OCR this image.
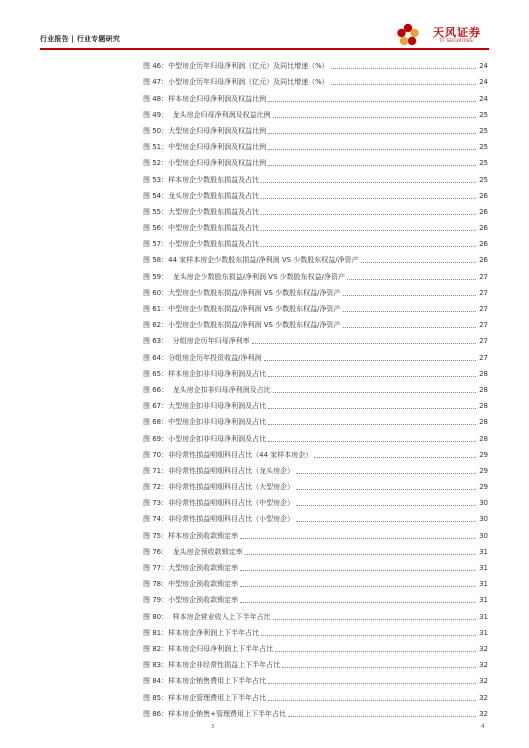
行业报告 | 行业专题研究	天风证券
TF SECURITIES
图 46：中型房企历年归母净利润（亿元）及同比增速（%）	24
图 47：小型房企历年归母净利润（亿元）及同比增速（%）	24
图 48：样本房企归母净利润及权益比例	24
图 49：  龙头房企归母净利润及权益比例	25
图 50：大型房企归母净利润及权益比例	25
图 51：中型房企归母净利润及权益比例	25
图 52：小型房企归母净利润及权益比例	25
图 53：样本房企少数股东损益及占比	25
图 54：龙头房企少数股东损益及占比	26
图 55：大型房企少数股东损益及占比	26
图 56：中型房企少数股东损益及占比	26
图 57：小型房企少数股东损益及占比	26
图 58：44 家样本房企少数股东损益/净利润 VS 少数股东权益/净资产	26
图 59：  龙头房企少数股东损益/净利润 VS 少数股东权益/净资产	27
图 60：大型房企少数股东损益/净利润 VS 少数股东权益/净资产	27
图 61：中型房企少数股东损益/净利润 VS 少数股东权益/净资产	27
图 62：小型房企少数股东损益/净利润 VS 少数股东权益/净资产	27
图 63：  分组房企历年归母净利率	27
图 64：分组房企历年投资收益/净利润	27
图 65：样本房企扣非归母净利润及占比	28
图 66：  龙头房企扣非归母净利润及占比	28
图 67：大型房企扣非归母净利润及占比	28
图 68：中型房企扣非归母净利润及占比	28
图 69：小型房企扣非归母净利润及占比	28
图 70：非经常性损益明细科目占比（44 家样本房企）	29
图 71：非经常性损益明细科目占比（龙头房企）	29
图 72：非经常性损益明细科目占比（大型房企）	29
图 73：非经常性损益明细科目占比（中型房企）	30
图 74：非经常性损益明细科目占比（小型房企）	30
图 75：样本房企预收款锁定率	30
图 76：  龙头房企预收款锁定率	31
图 77：大型房企预收款锁定率	31
图 78：中型房企预收款锁定率	31
图 79：小型房企预收款锁定率	31
图 80：  样本房企营业收入上下半年占比	31
图 81：样本房企净利润上下半年占比	31
图 82：样本房企归母净利润上下半年占比	32
图 83：样本房企非经常性损益上下半年占比	32
图 84：样本房企销售费用上下半年占比	32
图 85：样本房企管理费用上下半年占比	32
图 86：样本房企销售+管理费用上下半年占比	32
3	4
